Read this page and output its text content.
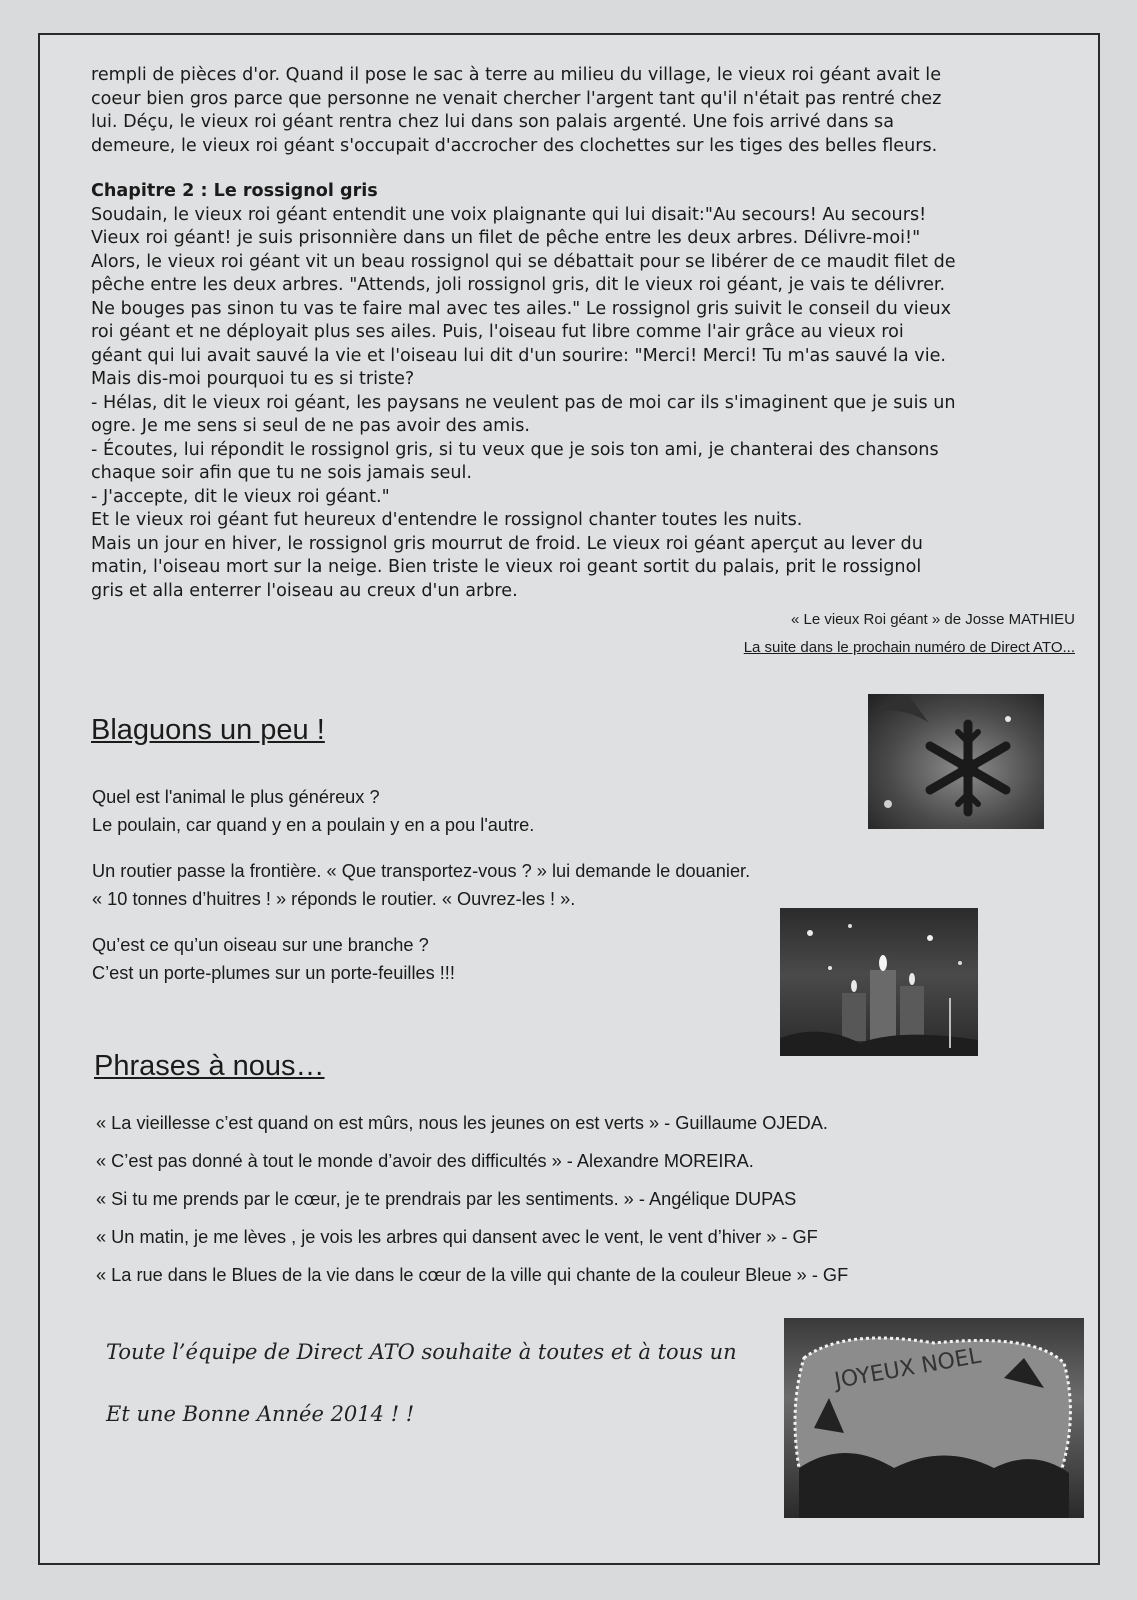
rempli de pièces d'or. Quand il pose le sac à terre au milieu du village, le vieux roi géant avait le

coeur bien gros parce que personne ne venait chercher l'argent tant qu'il n'était pas rentré chez

lui. Déçu, le vieux roi géant rentra chez lui dans son palais argenté. Une fois arrivé dans sa

demeure, le vieux roi géant s'occupait d'accrocher des clochettes sur les tiges des belles fleurs.

Chapitre 2 : Le rossignol gris

Soudain, le vieux roi géant entendit une voix plaignante qui lui disait:"Au secours! Au secours!

Vieux roi géant! je suis prisonnière dans un filet de pêche entre les deux arbres. Délivre-moi!"

Alors, le vieux roi géant vit un beau rossignol qui se débattait pour se libérer de ce maudit filet de

pêche entre les deux arbres. "Attends, joli rossignol gris, dit le vieux roi géant, je vais te délivrer.

Ne bouges pas sinon tu vas te faire mal avec tes ailes." Le rossignol gris suivit le conseil du vieux

roi géant et ne déployait plus ses ailes. Puis, l'oiseau fut libre comme l'air grâce au vieux roi

géant qui lui avait sauvé la vie et l'oiseau lui dit d'un sourire: "Merci! Merci! Tu m'as sauvé la vie.

Mais dis-moi pourquoi tu es si triste?

- Hélas, dit le vieux roi géant, les paysans ne veulent pas de moi car ils s'imaginent que je suis un

ogre. Je me sens si seul de ne pas avoir des amis.

- Écoutes, lui répondit le rossignol gris, si tu veux que je sois ton ami, je chanterai des chansons

chaque soir afin que tu ne sois jamais seul.

- J'accepte, dit le vieux roi géant."

Et le vieux roi géant fut heureux d'entendre le rossignol chanter toutes les nuits.

Mais un jour en hiver, le rossignol gris mourrut de froid. Le vieux roi géant aperçut au lever du

matin, l'oiseau mort sur la neige. Bien triste le vieux roi geant sortit du palais, prit le rossignol

gris et alla enterrer l'oiseau au creux d'un arbre.

« Le vieux Roi géant » de Josse MATHIEU
La suite dans le prochain numéro de Direct ATO...
Blaguons un peu !
Quel est l'animal le plus généreux ?
Le poulain, car quand y en a poulain y en a pou l'autre.
Un routier passe la frontière. « Que transportez-vous ? » lui demande le douanier.
« 10 tonnes d’huitres ! » réponds le routier. « Ouvrez-les ! ».
Qu’est ce qu’un oiseau sur une branche ?
C’est un porte-plumes sur un porte-feuilles !!!
Phrases à nous…
« La vieillesse c’est quand on est mûrs, nous les jeunes on est verts » - Guillaume OJEDA.
« C’est pas donné à tout le monde d’avoir des difficultés » - Alexandre MOREIRA.
« Si tu me prends par le cœur, je te prendrais par les sentiments. » - Angélique DUPAS
« Un matin, je me lèves , je vois les arbres qui dansent avec le vent, le vent d’hiver » - GF
« La rue dans le Blues de la vie dans le cœur de la ville qui chante de la couleur Bleue » - GF
Toute l’équipe de Direct ATO souhaite à toutes et à tous un
Et une Bonne Année 2014 ! !
JOYEUX NOEL
